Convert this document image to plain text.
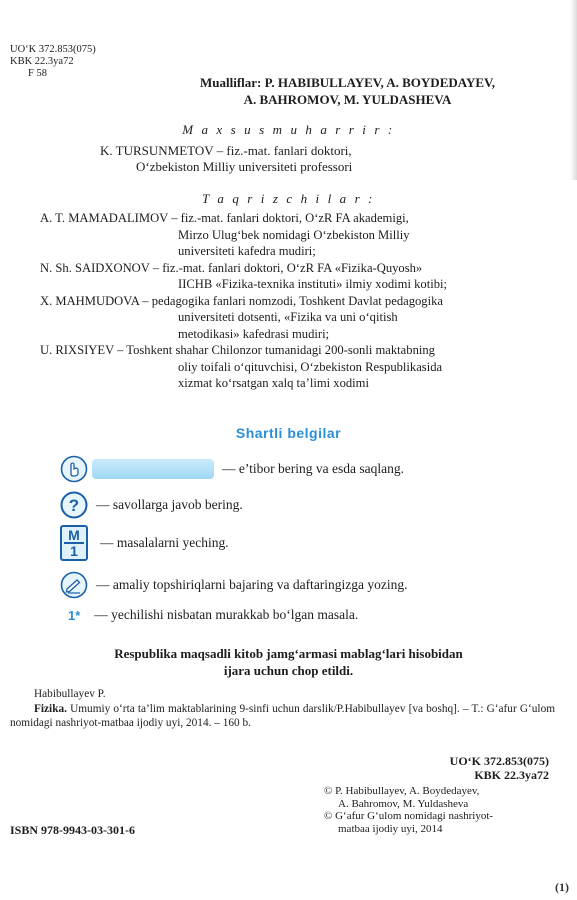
UO‘K 372.853(075)
KBK 22.3ya72
F 58
Mualliflar: P. HABIBULLAYEV, A. BOYDEDAYEV,
A. BAHROMOV, M. YULDASHEVA
M a x s u s m u h a r r i r :
K. TURSUNMETOV – fiz.-mat. fanlari doktori,
O‘zbekiston Milliy universiteti professori
T a q r i z c h i l a r :
A. T. MAMADALIMOV – fiz.-mat. fanlari doktori, O‘zR FA akademigi,
Mirzo Ulug‘bek nomidagi O‘zbekiston Milliy
universiteti kafedra mudiri;
N. Sh. SAIDXONOV – fiz.-mat. fanlari doktori, O‘zR FA «Fizika-Quyosh»
IICHB «Fizika-texnika instituti» ilmiy xodimi kotibi;
X. MAHMUDOVA – pedagogika fanlari nomzodi, Toshkent Davlat pedagogika
universiteti dotsenti, «Fizika va uni o‘qitish
metodikasi» kafedrasi mudiri;
U. RIXSIYEV – Toshkent shahar Chilonzor tumanidagi 200-sonli maktabning
oliy toifali o‘qituvchisi, O‘zbekiston Respublikasida
xizmat ko‘rsatgan xalq ta’limi xodimi
Shartli belgilar
— e’tibor bering va esda saqlang.
? — savollarga javob bering.
M
1
— masalalarni yeching.
— amaliy topshiriqlarni bajaring va daftaringizga yozing.
1* — yechilishi nisbatan murakkab bo‘lgan masala.
Respublika maqsadli kitob jamg‘armasi mablag‘lari hisobidan
ijara uchun chop etildi.
Habibullayev P.
Fizika. Umumiy o‘rta ta’lim maktablarining 9-sinfi uchun darslik/P.Habibullayev [va boshq]. – T.: G‘afur G‘ulom nomidagi nashriyot-matbaa ijodiy uyi, 2014. – 160 b.
UO‘K 372.853(075)
KBK 22.3ya72
© P. Habibullayev, A. Boydedayev,
A. Bahromov, M. Yuldasheva
© G‘afur G‘ulom nomidagi nashriyot-
matbaa ijodiy uyi, 2014
ISBN 978-9943-03-301-6
(1)
